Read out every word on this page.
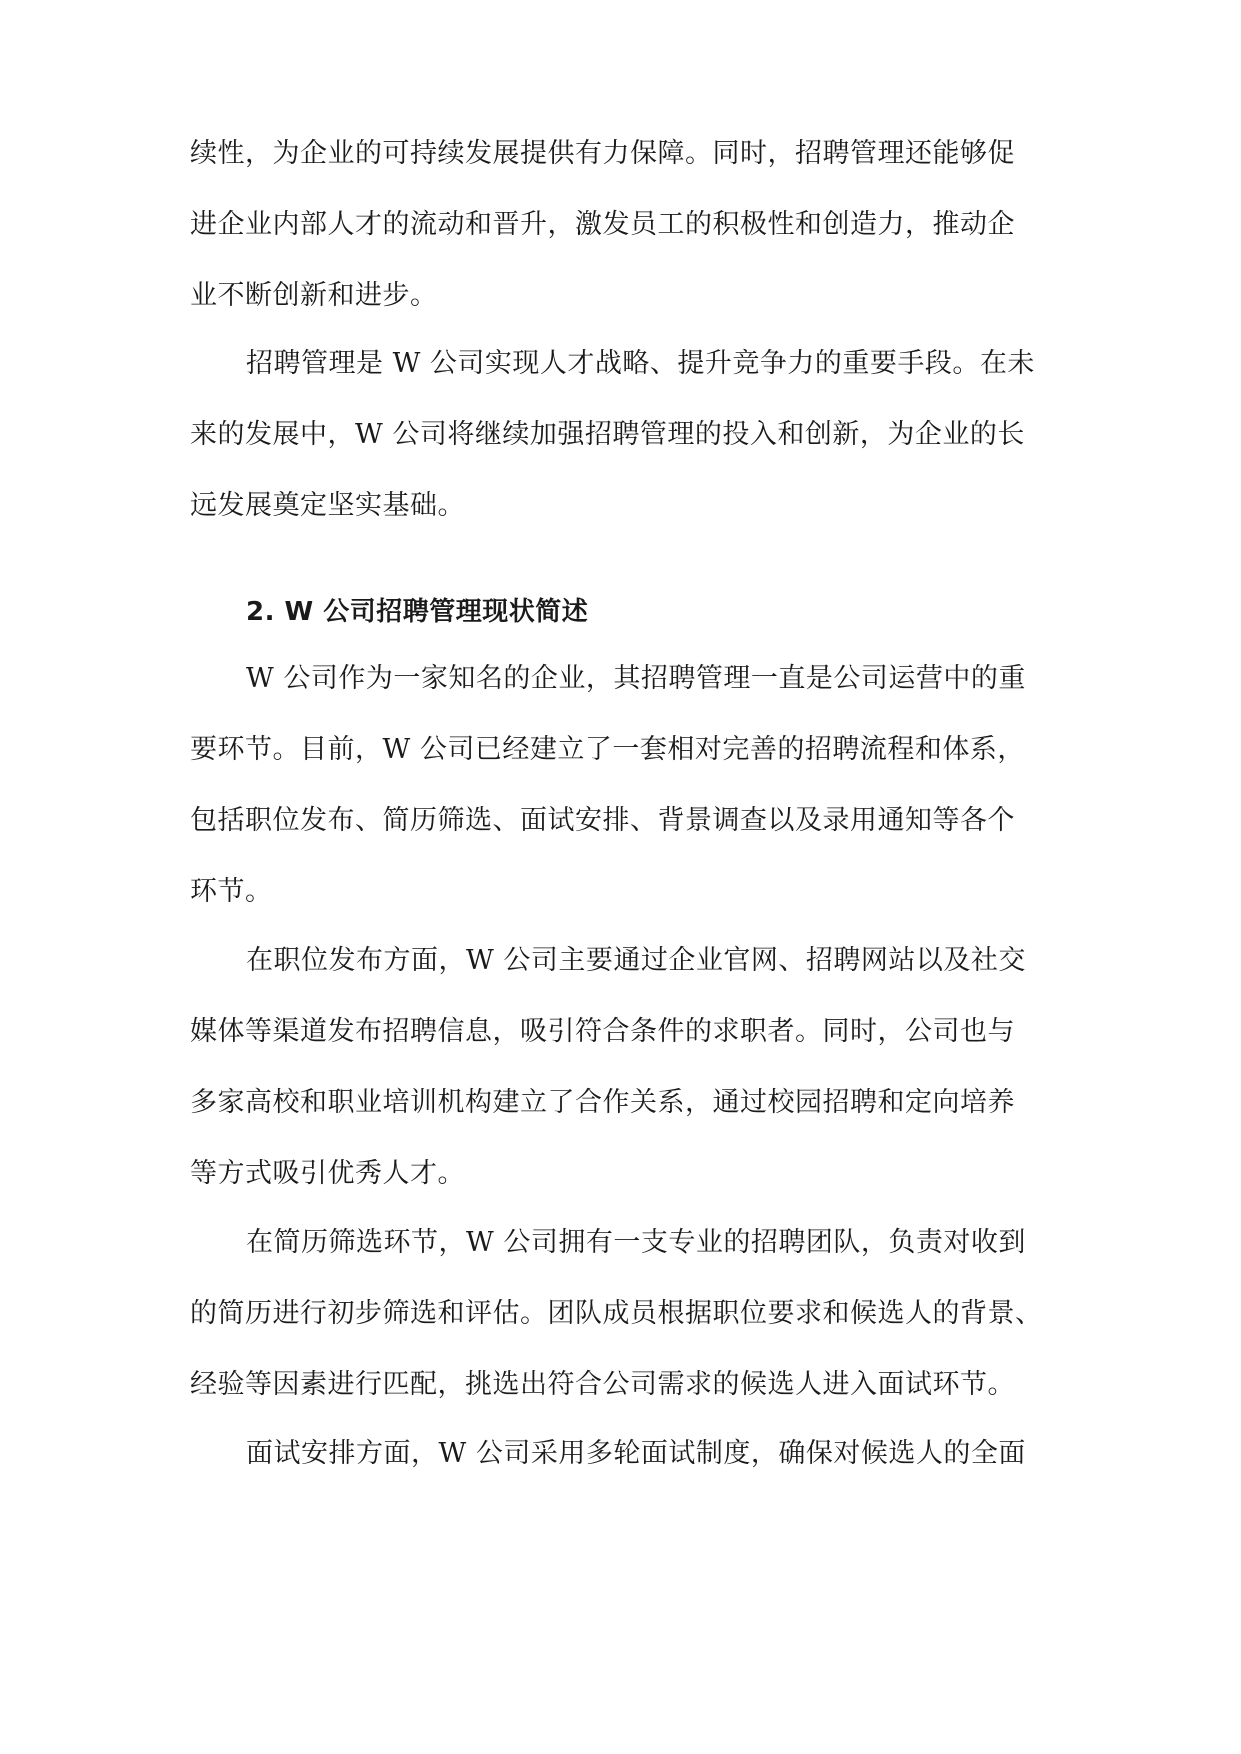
续性，为企业的可持续发展提供有力保障。同时，招聘管理还能够促
进企业内部人才的流动和晋升，激发员工的积极性和创造力，推动企
业不断创新和进步。
招聘管理是 W 公司实现人才战略、提升竞争力的重要手段。在未
来的发展中，W 公司将继续加强招聘管理的投入和创新，为企业的长
远发展奠定坚实基础。
2. W 公司招聘管理现状简述
W 公司作为一家知名的企业，其招聘管理一直是公司运营中的重
要环节。目前，W 公司已经建立了一套相对完善的招聘流程和体系，
包括职位发布、简历筛选、面试安排、背景调查以及录用通知等各个
环节。
在职位发布方面，W 公司主要通过企业官网、招聘网站以及社交
媒体等渠道发布招聘信息，吸引符合条件的求职者。同时，公司也与
多家高校和职业培训机构建立了合作关系，通过校园招聘和定向培养
等方式吸引优秀人才。
在简历筛选环节，W 公司拥有一支专业的招聘团队，负责对收到
的简历进行初步筛选和评估。团队成员根据职位要求和候选人的背景、
经验等因素进行匹配，挑选出符合公司需求的候选人进入面试环节。
面试安排方面，W 公司采用多轮面试制度，确保对候选人的全面
